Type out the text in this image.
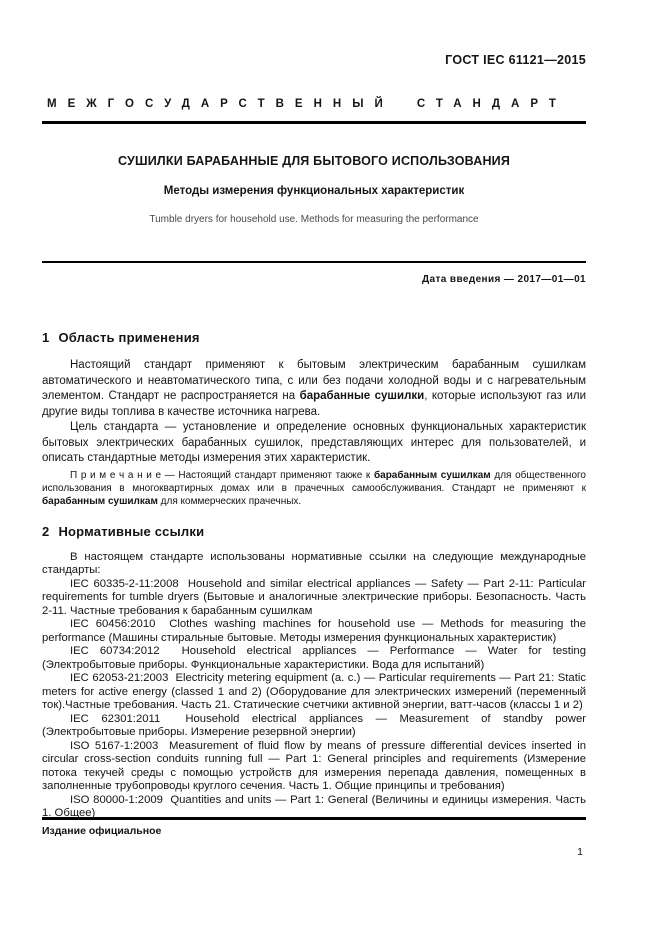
ГОСТ IEC 61121—2015
МЕЖГОСУДАРСТВЕННЫЙ СТАНДАРТ
СУШИЛКИ БАРАБАННЫЕ ДЛЯ БЫТОВОГО ИСПОЛЬЗОВАНИЯ
Методы измерения функциональных характеристик
Tumble dryers for household use. Methods for measuring the performance
Дата введения — 2017—01—01
1 Область применения

Настоящий стандарт применяют к бытовым электрическим барабанным сушилкам автоматического и неавтоматического типа, с или без подачи холодной воды и с нагревательным элементом. Стандарт не распространяется на барабанные сушилки, которые используют газ или другие виды топлива в качестве источника нагрева.

Цель стандарта — установление и определение основных функциональных характеристик бытовых электрических барабанных сушилок, представляющих интерес для пользователей, и описать стандартные методы измерения этих характеристик.

П р и м е ч а н и е — Настоящий стандарт применяют также к барабанным сушилкам для общественного использования в многоквартирных домах или в прачечных самообслуживания. Стандарт не применяют к барабанным сушилкам для коммерческих прачечных.
2 Нормативные ссылки

В настоящем стандарте использованы нормативные ссылки на следующие международные стандарты:

IEC 60335-2-11:2008  Household and similar electrical appliances — Safety — Part 2-11: Particular requirements for tumble dryers (Бытовые и аналогичные электрические приборы. Безопасность. Часть 2-11. Частные требования к барабанным сушилкам

IEC 60456:2010  Clothes washing machines for household use — Methods for measuring the performance (Машины стиральные бытовые. Методы измерения функциональных характеристик)

IEC 60734:2012  Household electrical appliances — Performance — Water for testing (Электробытовые приборы. Функциональные характеристики. Вода для испытаний)

IEC 62053-21:2003  Electricity metering equipment (a. c.) — Particular requirements — Part 21: Static meters for active energy (classed 1 and 2) (Оборудование для электрических измерений (переменный ток).Частные требования. Часть 21. Статические счетчики активной энергии, ватт-часов (классы 1 и 2)

IEC 62301:2011  Household electrical appliances — Measurement of standby power (Электробытовые приборы. Измерение резервной энергии)

ISO 5167-1:2003  Measurement of fluid flow by means of pressure differential devices inserted in circular cross-section conduits running full — Part 1: General principles and requirements (Измерение потока текучей среды с помощью устройств для измерения перепада давления, помещенных в заполненные трубопроводы круглого сечения. Часть 1. Общие принципы и требования)

ISO 80000-1:2009  Quantities and units — Part 1: General (Величины и единицы измерения. Часть 1. Общее)

Издание официальное
1
